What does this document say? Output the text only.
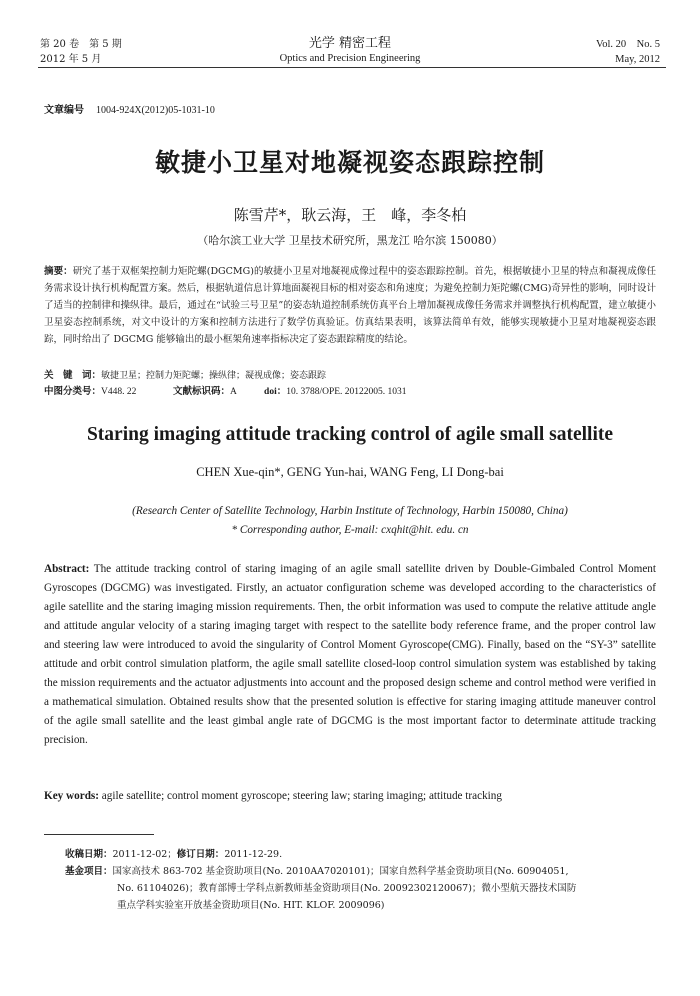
第 20 卷　第 5 期
2012 年 5 月
光学 精密工程
Optics and Precision Engineering
Vol. 20　No. 5
May, 2012
文章编号 1004-924X(2012)05-1031-10
敏捷小卫星对地凝视姿态跟踪控制
陈雪芹*，耿云海，王　峰，李冬柏
（哈尔滨工业大学 卫星技术研究所，黑龙江 哈尔滨 150080）
摘要：研究了基于双框架控制力矩陀螺(DGCMG)的敏捷小卫星对地凝视成像过程中的姿态跟踪控制。首先，根据敏捷小卫星的特点和凝视成像任务需求设计执行机构配置方案。然后，根据轨道信息计算地面凝视目标的相对姿态和角速度；为避免控制力矩陀螺(CMG)奇异性的影响，同时设计了适当的控制律和操纵律。最后，通过在“试验三号卫星”的姿态轨道控制系统仿真平台上增加凝视成像任务需求并调整执行机构配置，建立敏捷小卫星姿态控制系统，对文中设计的方案和控制方法进行了数学仿真验证。仿真结果表明，该算法简单有效，能够实现敏捷小卫星对地凝视姿态跟踪，同时给出了 DGCMG 能够输出的最小框架角速率指标决定了姿态跟踪精度的结论。
关　键　词： 敏捷卫星；控制力矩陀螺；操纵律；凝视成像；姿态跟踪
中图分类号： V448. 22	文献标识码： A	doi： 10. 3788/OPE. 20122005. 1031
Staring imaging attitude tracking control of agile small satellite
CHEN Xue-qin*, GENG Yun-hai, WANG Feng, LI Dong-bai
(Research Center of Satellite Technology, Harbin Institute of Technology, Harbin 150080, China)
* Corresponding author, E-mail: cxqhit@hit. edu. cn
Abstract: The attitude tracking control of staring imaging of an agile small satellite driven by Double-Gimbaled Control Moment Gyroscopes (DGCMG) was investigated. Firstly, an actuator configuration scheme was developed according to the characteristics of agile satellite and the staring imaging mission requirements. Then, the orbit information was used to compute the relative attitude angle and attitude angular velocity of a staring imaging target with respect to the satellite body reference frame, and the proper control law and steering law were introduced to avoid the singularity of Control Moment Gyroscope(CMG). Finally, based on the “SY-3” satellite attitude and orbit control simulation platform, the agile small satellite closed-loop control simulation system was established by taking the mission requirements and the actuator adjustments into account and the proposed design scheme and control method were verified in a mathematical simulation. Obtained results show that the presented solution is effective for staring imaging attitude maneuver control of the agile small satellite and the least gimbal angle rate of DGCMG is the most important factor to determinate attitude tracking precision.
Key words: agile satellite; control moment gyroscope; steering law; staring imaging; attitude tracking
收稿日期：2011-12-02；修订日期：2011-12-29.
基金项目：国家高技术 863-702 基金资助项目(No. 2010AA7020101)；国家自然科学基金资助项目(No. 60904051,
No. 61104026)；教育部博士学科点新教师基金资助项目(No. 20092302120067)；微小型航天器技术国防
重点学科实验室开放基金资助项目(No. HIT. KLOF. 2009096)
